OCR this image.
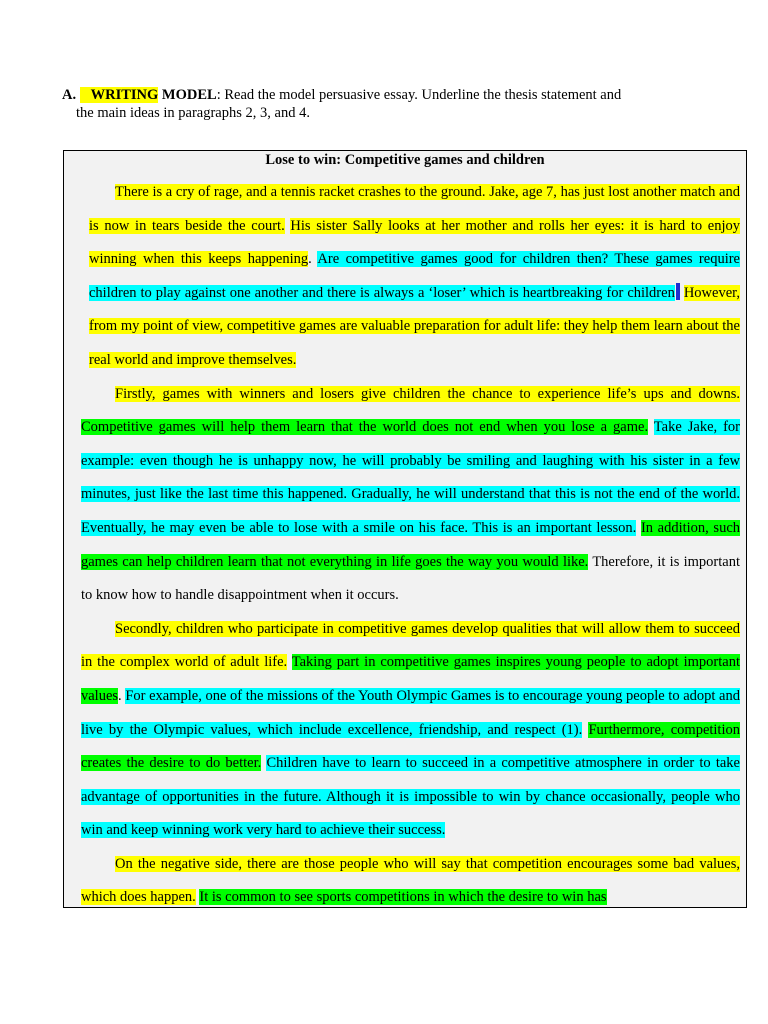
A. WRITING MODEL: Read the model persuasive essay. Underline the thesis statement and
the main ideas in paragraphs 2, 3, and 4.
Lose to win: Competitive games and children

There is a cry of rage, and a tennis racket crashes to the ground. Jake, age 7, has just lost another match and is now in tears beside the court. His sister Sally looks at her mother and rolls her eyes: it is hard to enjoy winning when this keeps happening. Are competitive games good for children then? These games require children to play against one another and there is always a ‘loser’ which is heartbreaking for children However, from my point of view, competitive games are valuable preparation for adult life: they help them learn about the real world and improve themselves.

Firstly, games with winners and losers give children the chance to experience life’s ups and downs. Competitive games will help them learn that the world does not end when you lose a game. Take Jake, for example: even though he is unhappy now, he will probably be smiling and laughing with his sister in a few minutes, just like the last time this happened. Gradually, he will understand that this is not the end of the world. Eventually, he may even be able to lose with a smile on his face. This is an important lesson. In addition, such games can help children learn that not everything in life goes the way you would like. Therefore, it is important to know how to handle disappointment when it occurs.

Secondly, children who participate in competitive games develop qualities that will allow them to succeed in the complex world of adult life. Taking part in competitive games inspires young people to adopt important values. For example, one of the missions of the Youth Olympic Games is to encourage young people to adopt and live by the Olympic values, which include excellence, friendship, and respect (1). Furthermore, competition creates the desire to do better. Children have to learn to succeed in a competitive atmosphere in order to take advantage of opportunities in the future. Although it is impossible to win by chance occasionally, people who win and keep winning work very hard to achieve their success.

On the negative side, there are those people who will say that competition encourages some bad values, which does happen. It is common to see sports competitions in which the desire to win has
